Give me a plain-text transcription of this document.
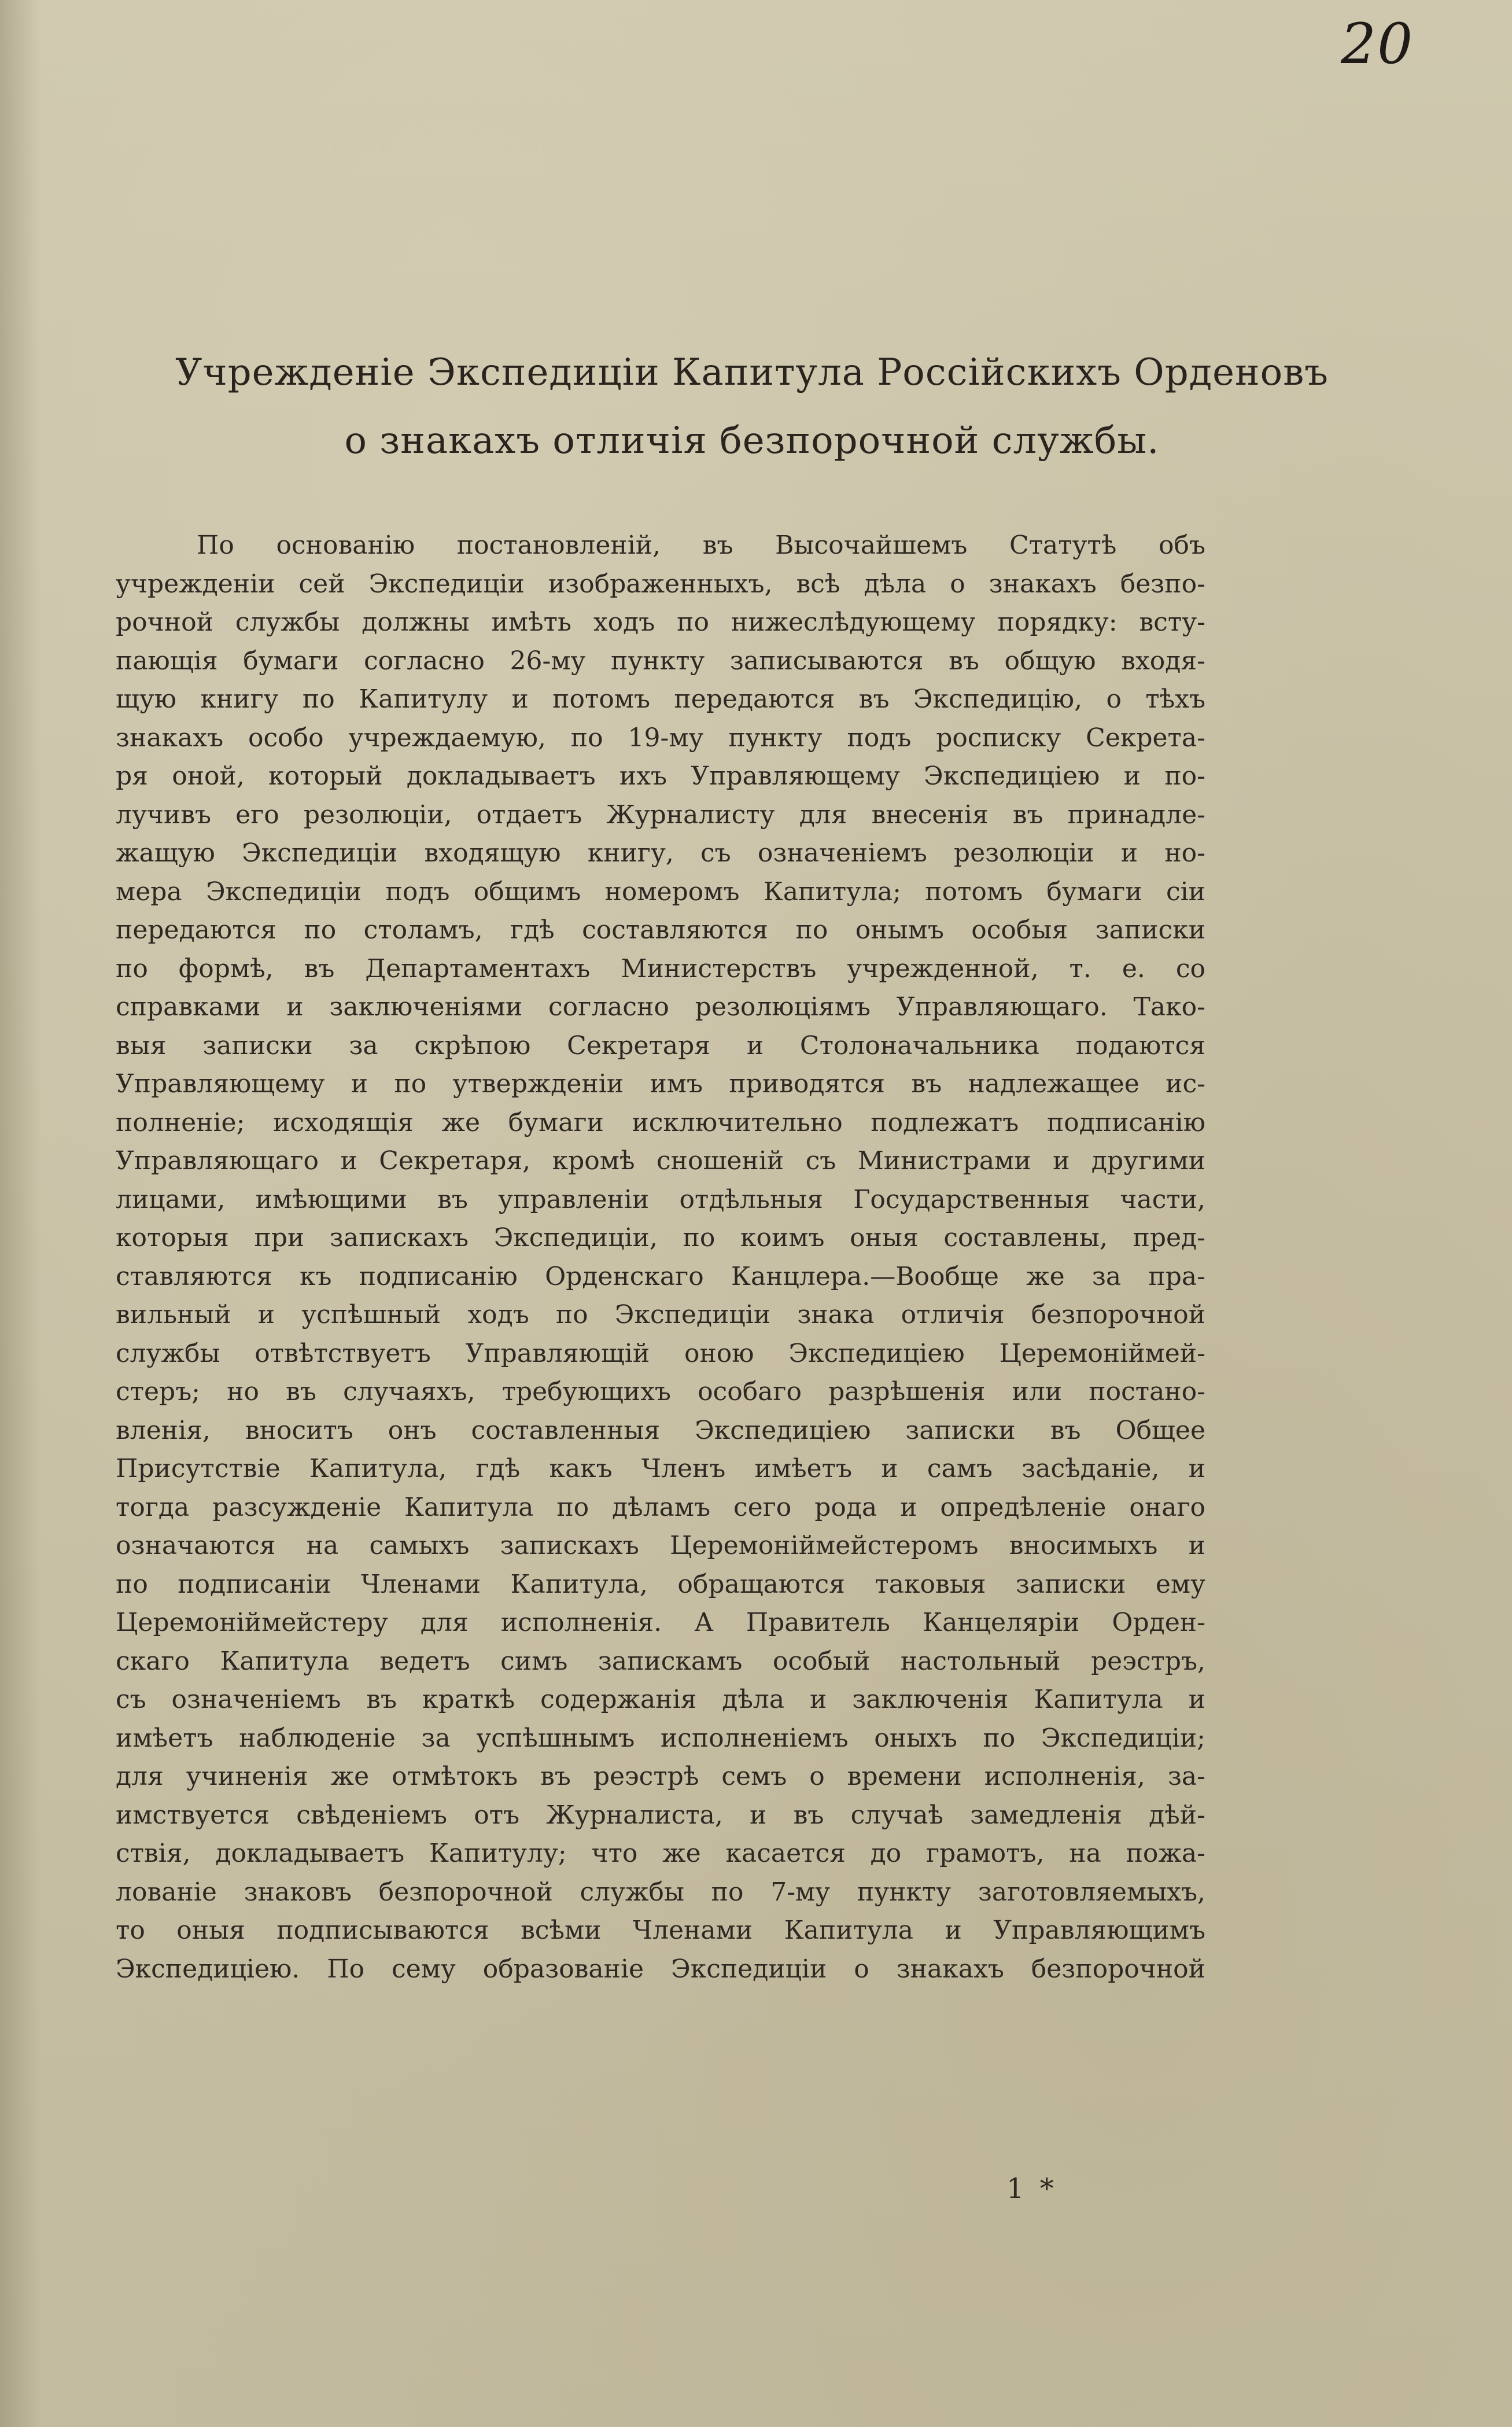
20
Учрежденіе Экспедиціи Капитула Россійскихъ Орденовъ
о знакахъ отличія безпорочной службы.
По основанію постановленій, въ Высочайшемъ Статутѣ объ
учрежденіи сей Экспедиціи изображенныхъ, всѣ дѣла о знакахъ безпо-
рочной службы должны имѣть ходъ по нижеслѣдующему порядку: всту-
пающія бумаги согласно 26-му пункту записываются въ общую входя-
щую книгу по Капитулу и потомъ передаются въ Экспедицію, о тѣхъ
знакахъ особо учреждаемую, по 19-му пункту подъ росписку Секрета-
ря оной, который докладываетъ ихъ Управляющему Экспедиціею и по-
лучивъ его резолюціи, отдаетъ Журналисту для внесенія въ принадле-
жащую Экспедиціи входящую книгу, съ означеніемъ резолюціи и но-
мера Экспедиціи подъ общимъ номеромъ Капитула; потомъ бумаги сіи
передаются по столамъ, гдѣ составляются по онымъ особыя записки
по формѣ, въ Департаментахъ Министерствъ учрежденной, т. е. со
справками и заключеніями согласно резолюціямъ Управляющаго. Тако-
выя записки за скрѣпою Секретаря и Столоначальника подаются
Управляющему и по утвержденіи имъ приводятся въ надлежащее ис-
полненіе; исходящія же бумаги исключительно подлежатъ подписанію
Управляющаго и Секретаря, кромѣ сношеній съ Министрами и другими
лицами, имѣющими въ управленіи отдѣльныя Государственныя части,
которыя при запискахъ Экспедиціи, по коимъ оныя составлены, пред-
ставляются къ подписанію Орденскаго Канцлера.—Вообще же за пра-
вильный и успѣшный ходъ по Экспедиціи знака отличія безпорочной
службы отвѣтствуетъ Управляющій оною Экспедиціею Церемоніймей-
стеръ; но въ случаяхъ, требующихъ особаго разрѣшенія или постано-
вленія, вноситъ онъ составленныя Экспедиціею записки въ Общее
Присутствіе Капитула, гдѣ какъ Членъ имѣетъ и самъ засѣданіе, и
тогда разсужденіе Капитула по дѣламъ сего рода и опредѣленіе онаго
означаются на самыхъ запискахъ Церемоніймейстеромъ вносимыхъ и
по подписаніи Членами Капитула, обращаются таковыя записки ему
Церемоніймейстеру для исполненія. А Правитель Канцеляріи Орден-
скаго Капитула ведетъ симъ запискамъ особый настольный реэстръ,
съ означеніемъ въ краткѣ содержанія дѣла и заключенія Капитула и
имѣетъ наблюденіе за успѣшнымъ исполненіемъ оныхъ по Экспедиціи;
для учиненія же отмѣтокъ въ реэстрѣ семъ о времени исполненія, за-
имствуется свѣденіемъ отъ Журналиста, и въ случаѣ замедленія дѣй-
ствія, докладываетъ Капитулу; что же касается до грамотъ, на пожа-
лованіе знаковъ безпорочной службы по 7-му пункту заготовляемыхъ,
то оныя подписываются всѣми Членами Капитула и Управляющимъ
Экспедиціею. По сему образованіе Экспедиціи о знакахъ безпорочной
1 *
